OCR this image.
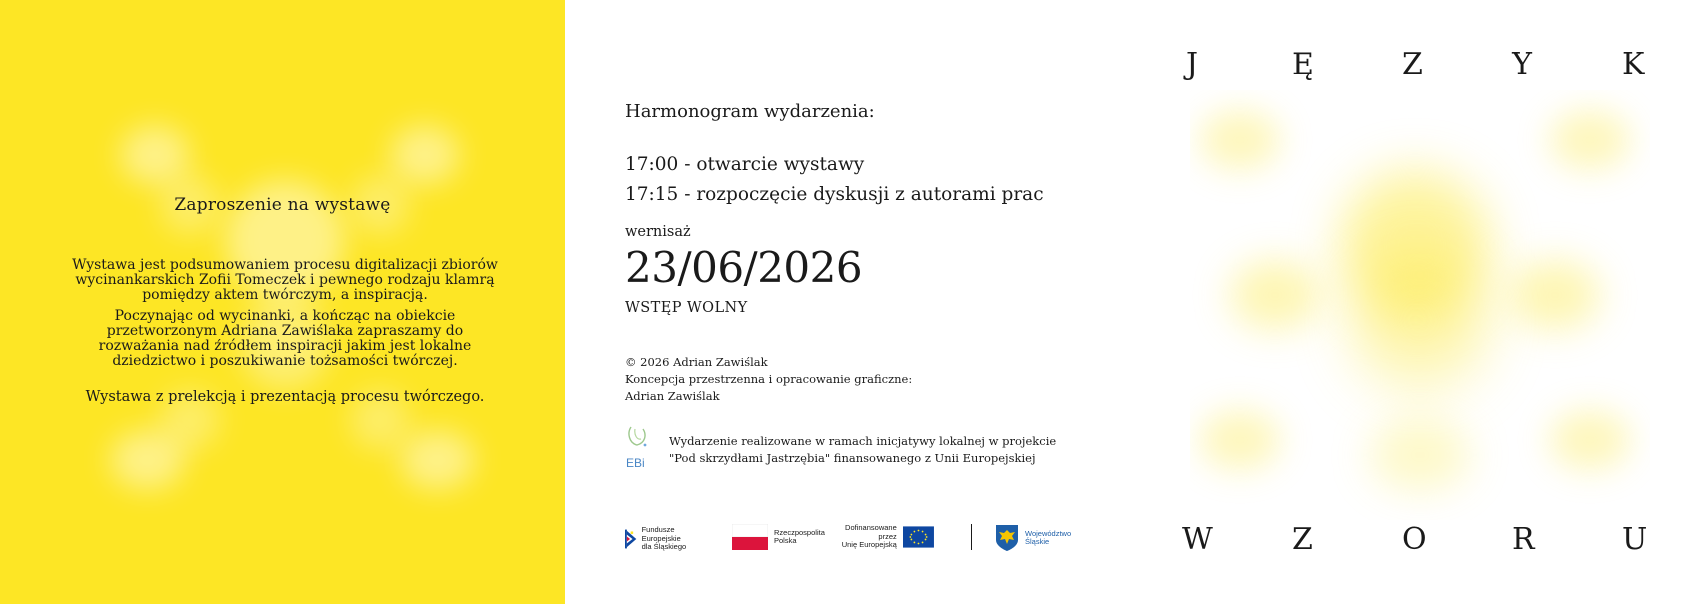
Zaproszenie na wystawę
Wystawa jest podsumowaniem procesu digitalizacji zbiorów wycinankarskich Zofii Tomeczek i pewnego rodzaju klamrą pomiędzy aktem twórczym, a inspiracją.
Poczynając od wycinanki, a kończąc na obiekcie przetworzonym Adriana Zawiślaka zapraszamy do rozważania nad źródłem inspiracji jakim jest lokalne dziedzictwo i poszukiwanie tożsamości twórczej.
Wystawa z prelekcją i prezentacją procesu twórczego.
Harmonogram wydarzenia:
17:00 - otwarcie wystawy
17:15 - rozpoczęcie dyskusji z autorami prac
wernisaż
23/06/2026
WSTĘP WOLNY
© 2026 Adrian Zawiślak
Koncepcja przestrzenna i opracowanie graficzne:
Adrian Zawiślak
EBi
Wydarzenie realizowane w ramach inicjatywy lokalnej w projekcie
"Pod skrzydłami Jastrzębia" finansowanego z Unii Europejskiej
Fundusze Europejskie
dla Śląskiego
Rzeczpospolita
Polska
Dofinansowane przez
Unię Europejską
Województwo
Śląskie
J	Ę	Z	Y	K
W	Z	O	R	U
